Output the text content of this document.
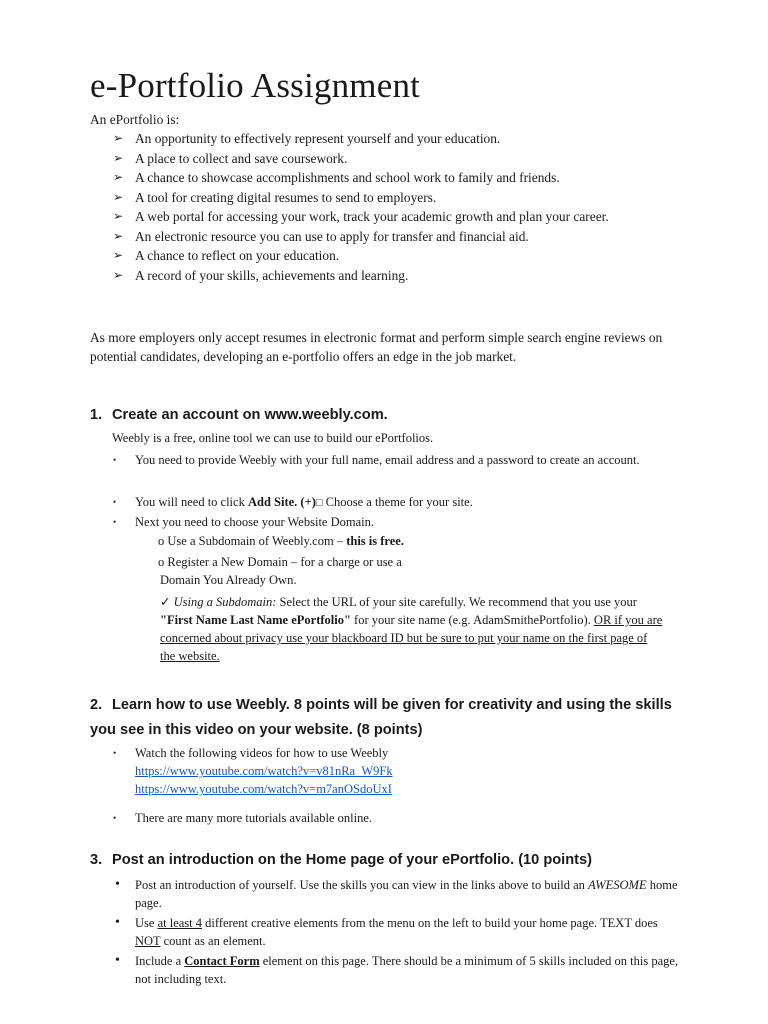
e-Portfolio Assignment
An ePortfolio is:
➢ An opportunity to effectively represent yourself and your education.
➢ A place to collect and save coursework.
➢ A chance to showcase accomplishments and school work to family and friends.
➢ A tool for creating digital resumes to send to employers.
➢ A web portal for accessing your work, track your academic growth and plan your career.
➢ An electronic resource you can use to apply for transfer and financial aid.
➢ A chance to reflect on your education.
➢ A record of your skills, achievements and learning.
As more employers only accept resumes in electronic format and perform simple search engine reviews on potential candidates, developing an e-portfolio offers an edge in the job market.
1. Create an account on www.weebly.com.
Weebly is a free, online tool we can use to build our ePortfolios.
• You need to provide Weebly with your full name, email address and a password to create an account.
• You will need to click Add Site. (+)□ Choose a theme for your site.
• Next you need to choose your Website Domain.
o Use a Subdomain of Weebly.com – this is free.
o Register a New Domain – for a charge or use a
Domain You Already Own.
✓ Using a Subdomain: Select the URL of your site carefully. We recommend that you use your "First Name Last Name ePortfolio" for your site name (e.g. AdamSmithePortfolio). OR if you are concerned about privacy use your blackboard ID but be sure to put your name on the first page of the website.
2. Learn how to use Weebly. 8 points will be given for creativity and using the skills you see in this video on your website. (8 points)
• Watch the following videos for how to use Weebly
https://www.youtube.com/watch?v=v81nRa_W9Fk
https://www.youtube.com/watch?v=m7anOSdoUxI
• There are many more tutorials available online.
3. Post an introduction on the Home page of your ePortfolio. (10 points)
• Post an introduction of yourself. Use the skills you can view in the links above to build an AWESOME home page.
• Use at least 4 different creative elements from the menu on the left to build your home page. TEXT does NOT count as an element.
• Include a Contact Form element on this page. There should be a minimum of 5 skills included on this page, not including text.
